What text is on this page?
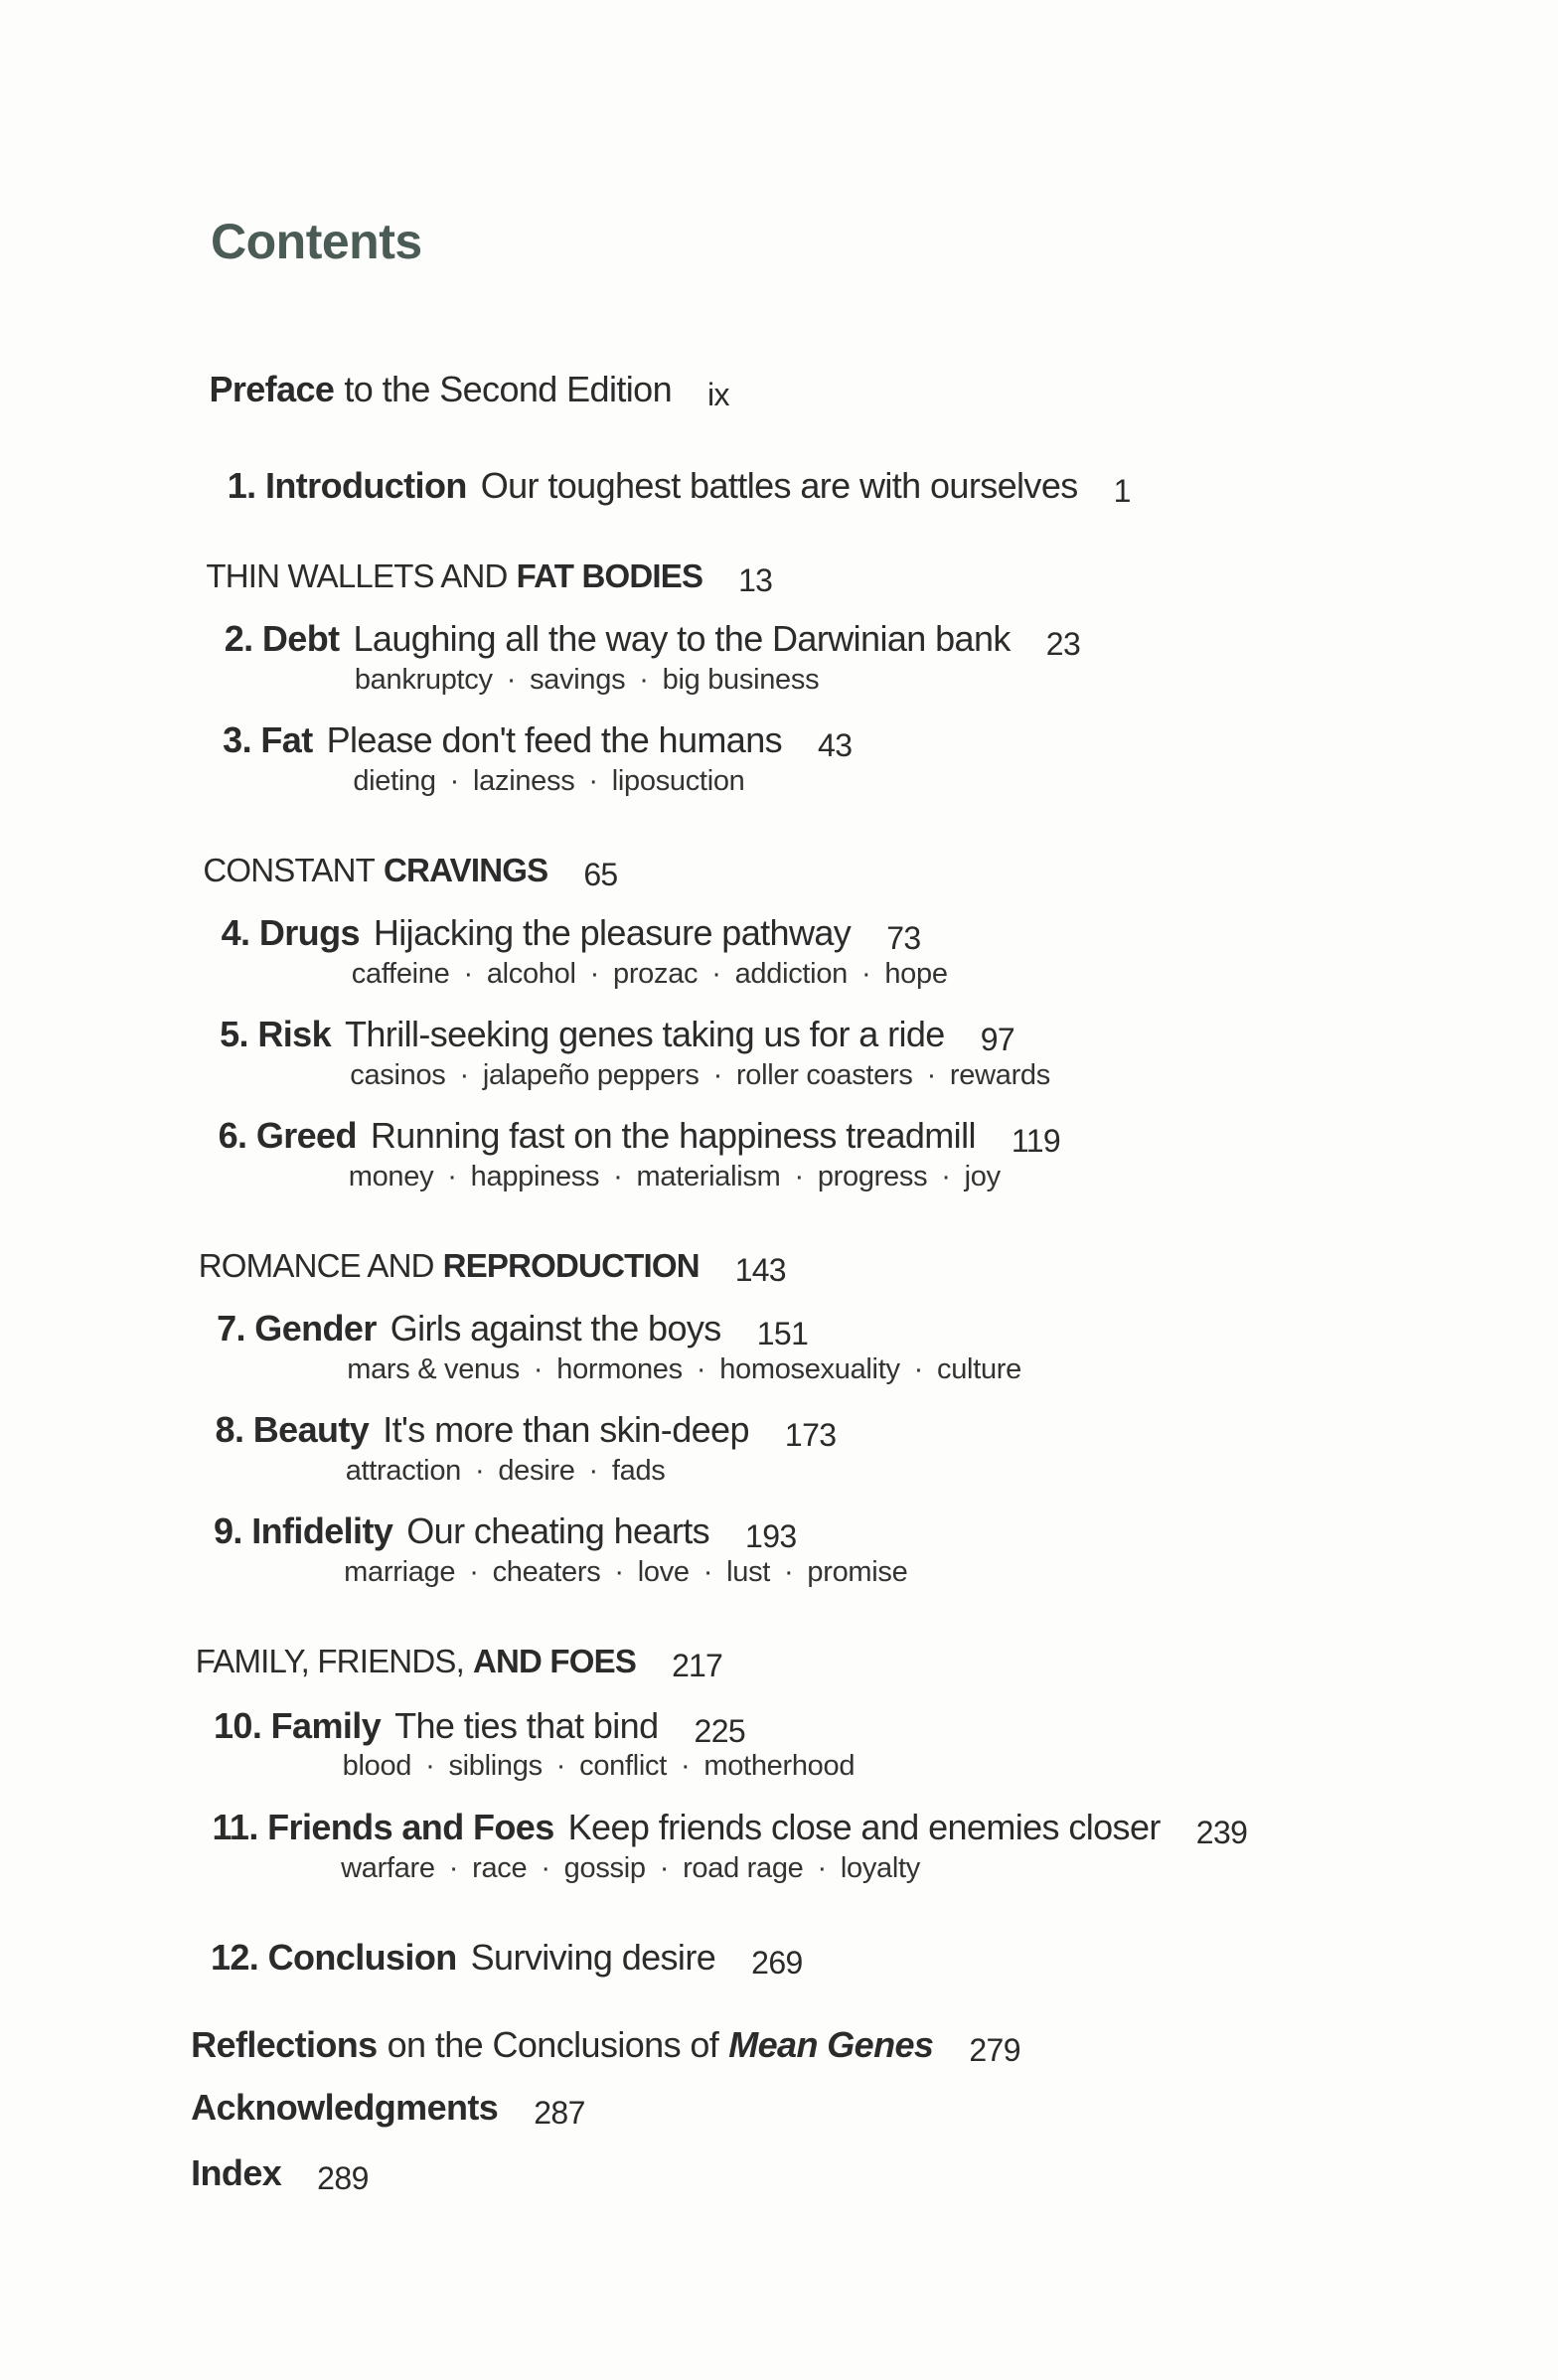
Contents
Preface to the Second Edition ix
1. Introduction Our toughest battles are with ourselves 1
THIN WALLETS AND FAT BODIES 13
2. Debt Laughing all the way to the Darwinian bank 23
bankruptcy · savings · big business
3. Fat Please don't feed the humans 43
dieting · laziness · liposuction
CONSTANT CRAVINGS 65
4. Drugs Hijacking the pleasure pathway 73
caffeine · alcohol · prozac · addiction · hope
5. Risk Thrill-seeking genes taking us for a ride 97
casinos · jalapeño peppers · roller coasters · rewards
6. Greed Running fast on the happiness treadmill 119
money · happiness · materialism · progress · joy
ROMANCE AND REPRODUCTION 143
7. Gender Girls against the boys 151
mars & venus · hormones · homosexuality · culture
8. Beauty It's more than skin-deep 173
attraction · desire · fads
9. Infidelity Our cheating hearts 193
marriage · cheaters · love · lust · promise
FAMILY, FRIENDS, AND FOES 217
10. Family The ties that bind 225
blood · siblings · conflict · motherhood
11. Friends and Foes Keep friends close and enemies closer 239
warfare · race · gossip · road rage · loyalty
12. Conclusion Surviving desire 269
Reflections on the Conclusions of Mean Genes 279
Acknowledgments 287
Index 289
